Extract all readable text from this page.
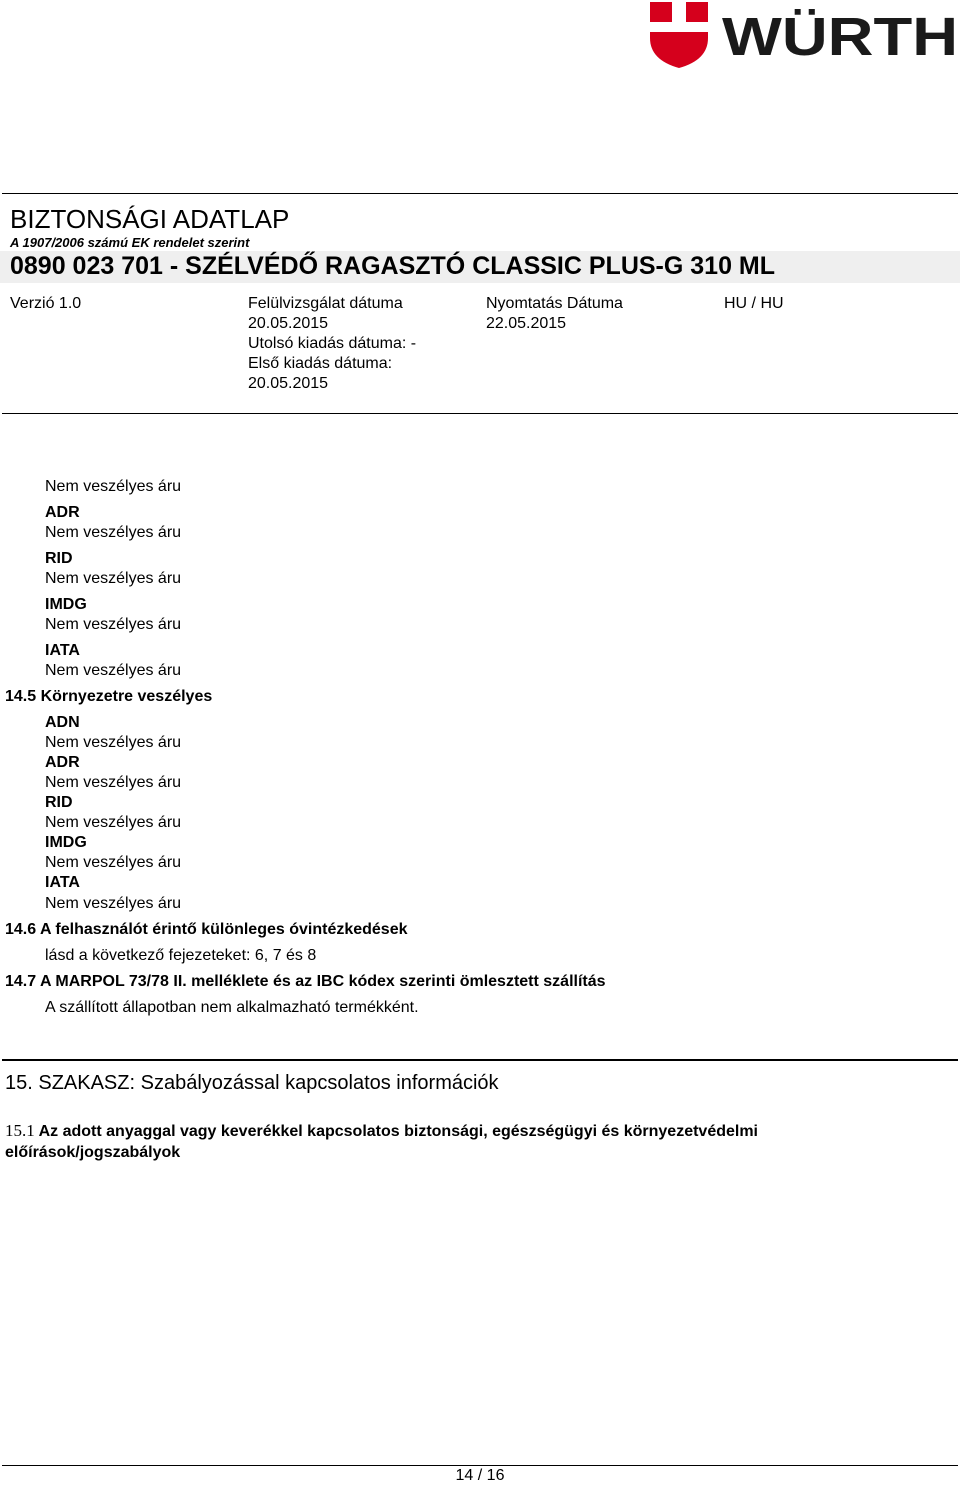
WÜRTH
BIZTONSÁGI ADATLAP
A 1907/2006 számú EK rendelet szerint
0890 023 701 - SZÉLVÉDŐ RAGASZTÓ CLASSIC PLUS-G 310 ML
Verzió 1.0	Felülvizsgálat dátuma
20.05.2015
Utolsó kiadás dátuma: -
Első kiadás dátuma:
20.05.2015
Nyomtatás Dátuma
22.05.2015
HU / HU
Nem veszélyes áru
ADR
Nem veszélyes áru
RID
Nem veszélyes áru
IMDG
Nem veszélyes áru
IATA
Nem veszélyes áru
14.5 Környezetre veszélyes
ADN
Nem veszélyes áru
ADR
Nem veszélyes áru
RID
Nem veszélyes áru
IMDG
Nem veszélyes áru
IATA
Nem veszélyes áru
14.6 A felhasználót érintő különleges óvintézkedések
lásd a következő fejezeteket: 6, 7 és 8
14.7 A MARPOL 73/78 II. melléklete és az IBC kódex szerinti ömlesztett szállítás
A szállított állapotban nem alkalmazható termékként.
15. SZAKASZ: Szabályozással kapcsolatos információk
15.1 Az adott anyaggal vagy keverékkel kapcsolatos biztonsági, egészségügyi és környezetvédelmi előírások/jogszabályok
14 / 16
